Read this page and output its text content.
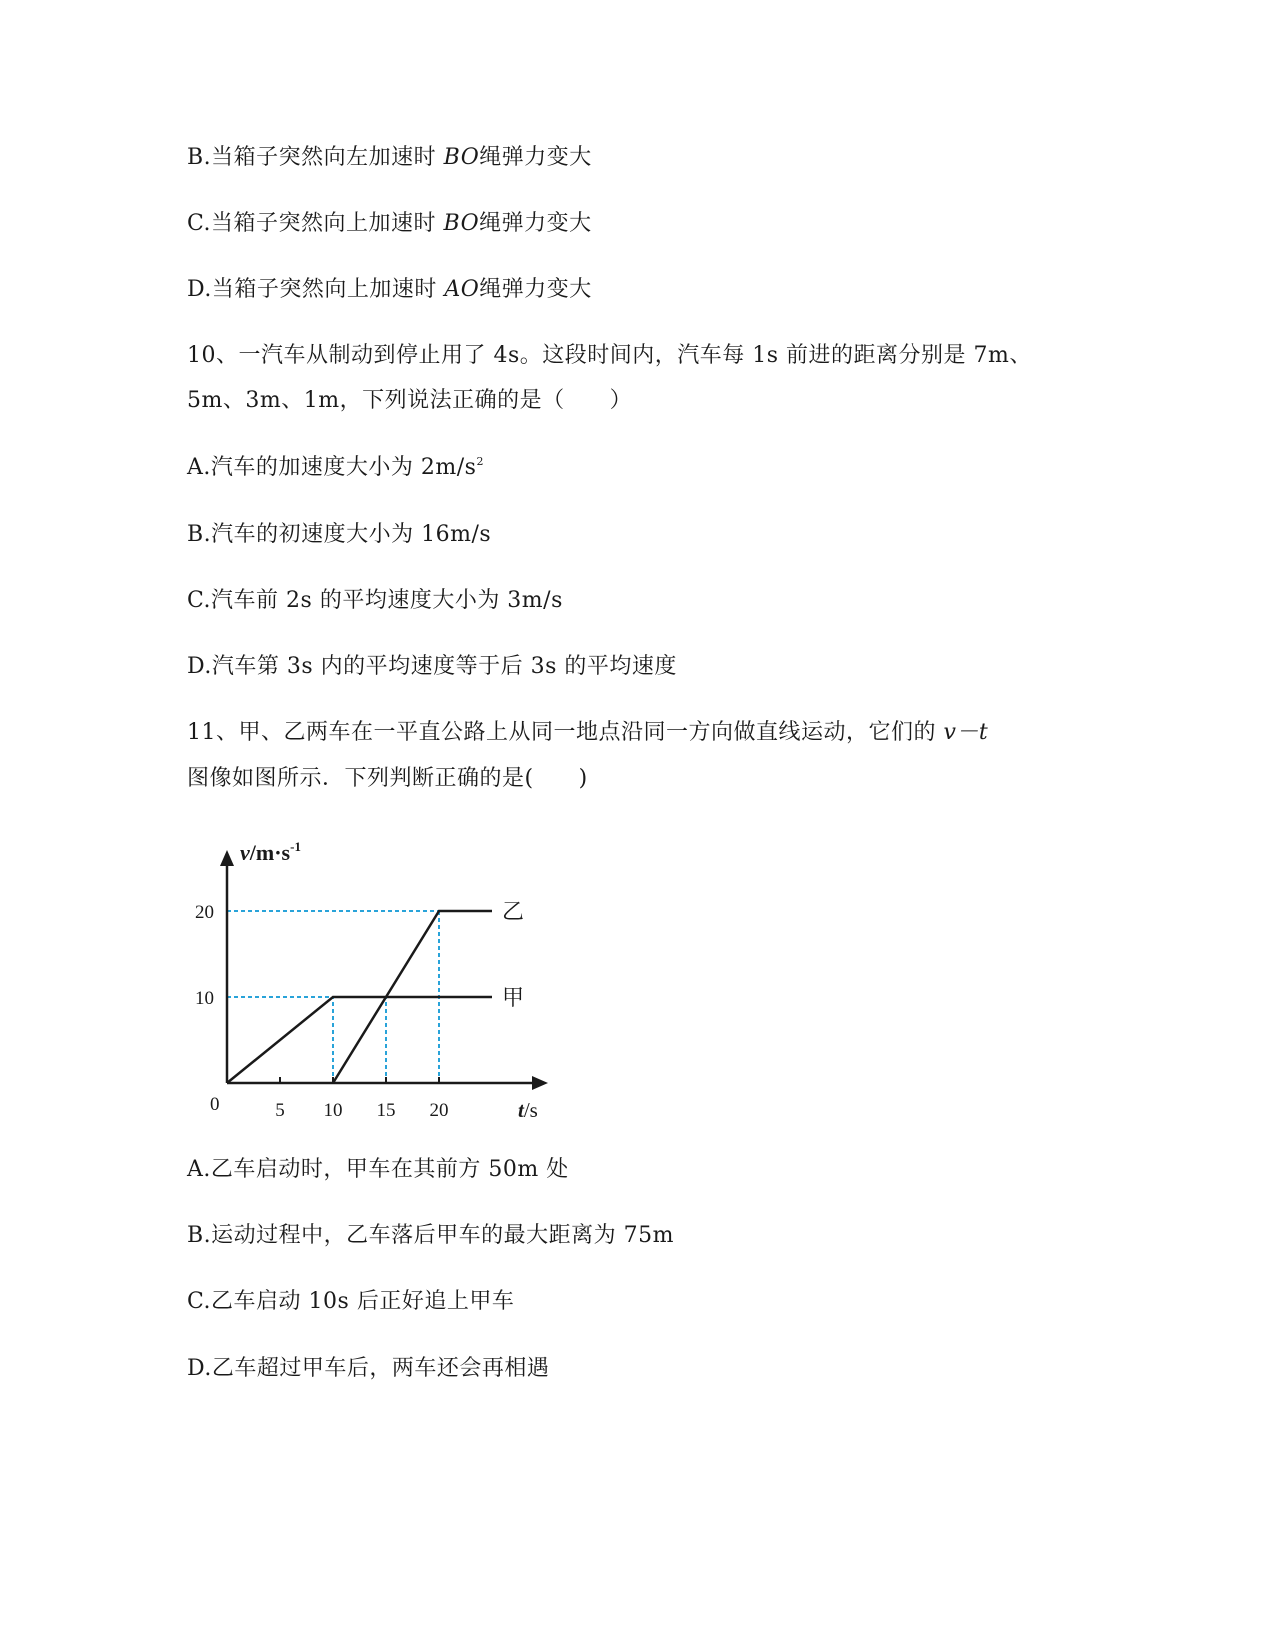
B.当箱子突然向左加速时 BO绳弹力变大
C.当箱子突然向上加速时 BO绳弹力变大
D.当箱子突然向上加速时 AO绳弹力变大
10、一汽车从制动到停止用了 4s。这段时间内，汽车每 1s 前进的距离分别是 7m、
5m、3m、1m，下列说法正确的是（　　）
A.汽车的加速度大小为 $2m/s^2$
B.汽车的初速度大小为 16m/s
C.汽车前 2s 的平均速度大小为 3m/s
D.汽车第 3s 内的平均速度等于后 3s 的平均速度
11、甲、乙两车在一平直公路上从同一地点沿同一方向做直线运动，它们的 v－t
图像如图所示．下列判断正确的是(　　)
5 10 15 20
10
20
甲
乙
$v/m\cdot s^{-1}$
t/s
0
A.乙车启动时，甲车在其前方 50m 处
B.运动过程中，乙车落后甲车的最大距离为 75m
C.乙车启动 10s 后正好追上甲车
D.乙车超过甲车后，两车还会再相遇
